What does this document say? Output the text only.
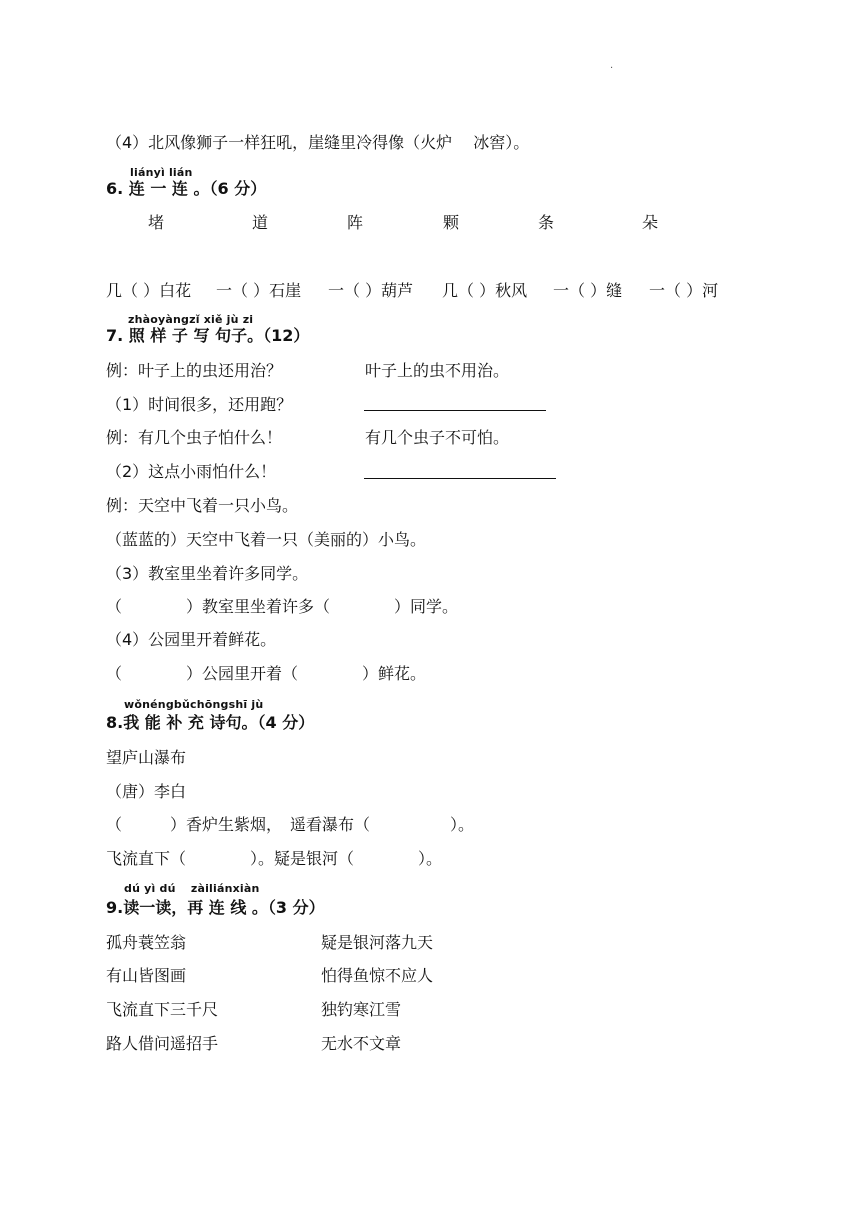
.
（4）北风像狮子一样狂吼，崖缝里冷得像（火炉　 冰窖）。
liányì lián
6. 连 一 连 。（6 分）
堵	道	阵	颗	条	朵
几（ ）白花 一（ ）石崖 一（ ）葫芦 几（ ）秋风 一（ ）缝 一（ ）河
zhàoyàngzǐ xiě jù zi
7. 照 样 子 写 句子。（12）
例：叶子上的虫还用治？	叶子上的虫不用治。
（1）时间很多，还用跑？
例：有几个虫子怕什么！	有几个虫子不可怕。
（2）这点小雨怕什么！
例：天空中飞着一只小鸟。
（蓝蓝的）天空中飞着一只（美丽的）小鸟。
（3）教室里坐着许多同学。
（　　　　）教室里坐着许多（　　　　）同学。
（4）公园里开着鲜花。
（　　　　）公园里开着（　　　　）鲜花。
wǒnéngbǔchōngshī jù
8.我 能 补 充 诗句。（4 分）
望庐山瀑布
（唐）李白
（　　　）香炉生紫烟，　遥看瀑布（　　　　　）。
飞流直下（　　　　）。疑是银河（　　　　）。
dú yì dú　 zàiliánxiàn
9.读一读，再 连 线 。（3 分）
孤舟蓑笠翁	疑是银河落九天
有山皆图画	怕得鱼惊不应人
飞流直下三千尺	独钓寒江雪
路人借问遥招手	无水不文章
